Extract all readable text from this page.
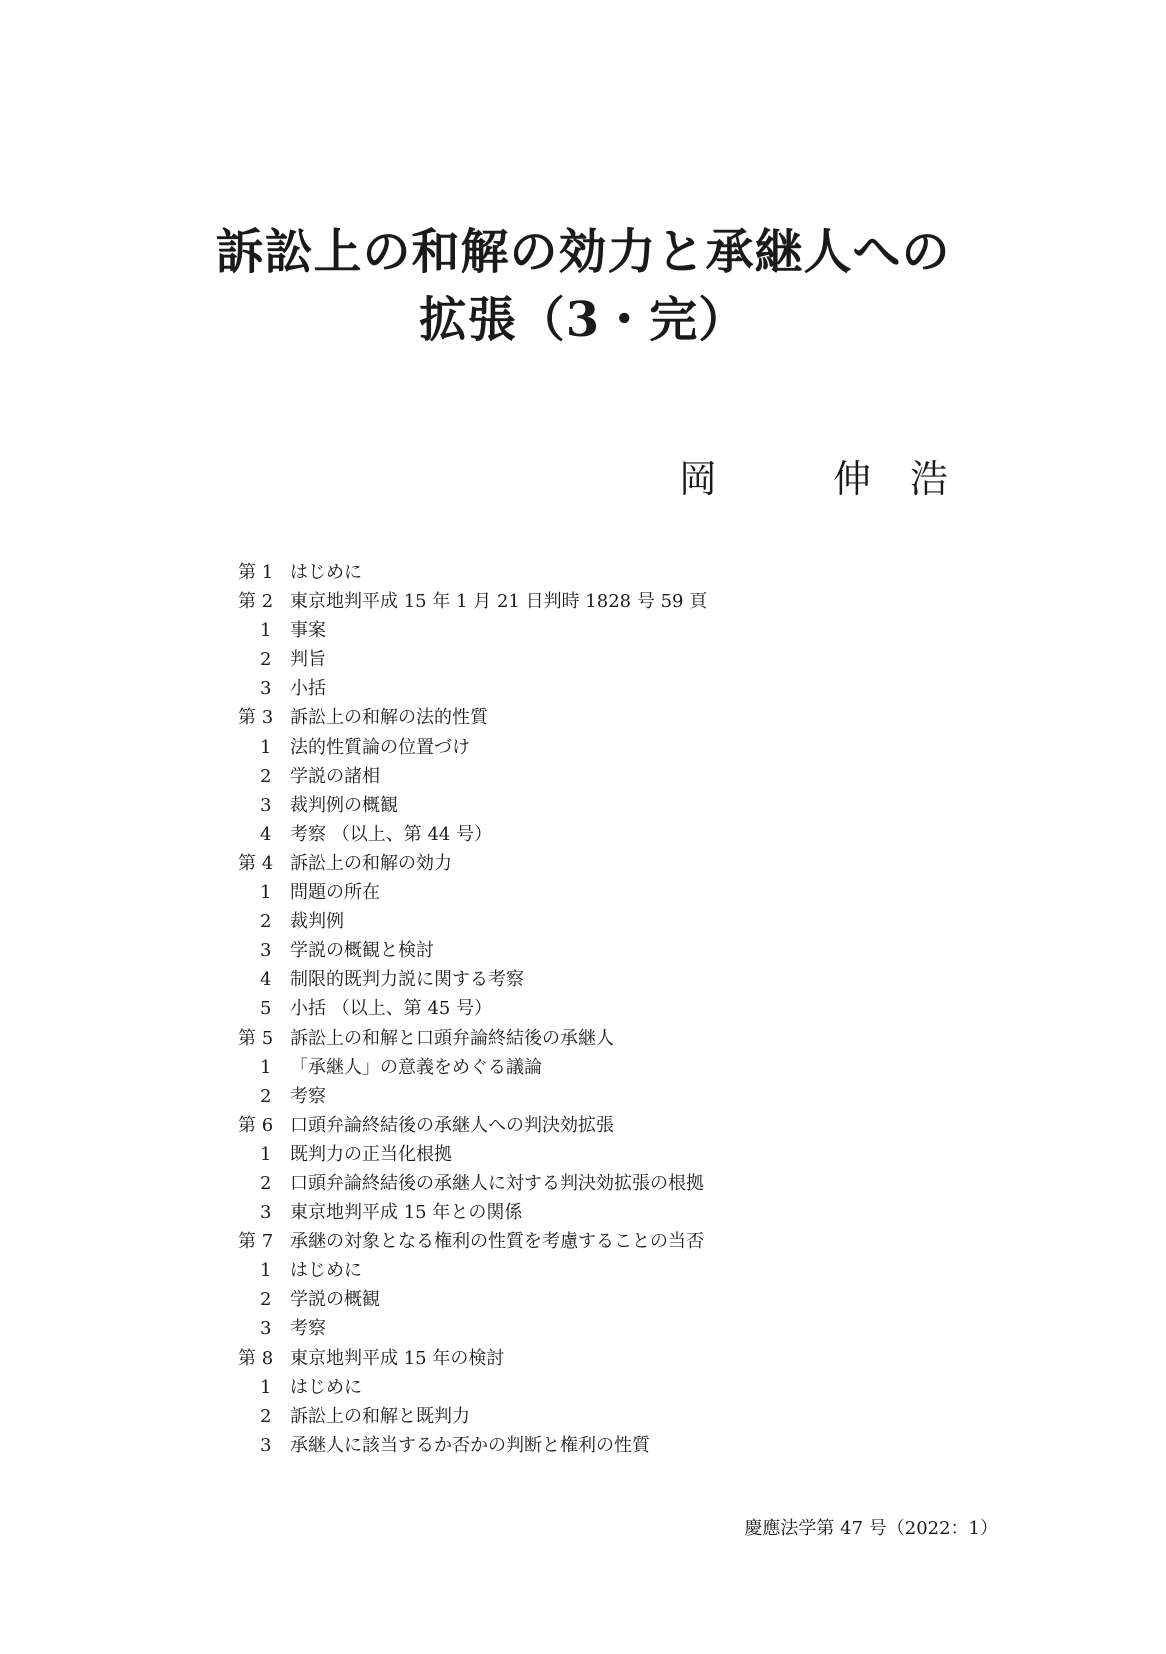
訴訟上の和解の効力と承継人への
拡張（3・完）
岡	伸 浩
第 1 はじめに
第 2 東京地判平成 15 年 1 月 21 日判時 1828 号 59 頁
1 事案
2 判旨
3 小括
第 3 訴訟上の和解の法的性質
1 法的性質論の位置づけ
2 学説の諸相
3 裁判例の概観
4 考察 （以上、第 44 号）
第 4 訴訟上の和解の効力
1 問題の所在
2 裁判例
3 学説の概観と検討
4 制限的既判力説に関する考察
5 小括 （以上、第 45 号）
第 5 訴訟上の和解と口頭弁論終結後の承継人
1 「承継人」の意義をめぐる議論
2 考察
第 6 口頭弁論終結後の承継人への判決効拡張
1 既判力の正当化根拠
2 口頭弁論終結後の承継人に対する判決効拡張の根拠
3 東京地判平成 15 年との関係
第 7 承継の対象となる権利の性質を考慮することの当否
1 はじめに
2 学説の概観
3 考察
第 8 東京地判平成 15 年の検討
1 はじめに
2 訴訟上の和解と既判力
3 承継人に該当するか否かの判断と権利の性質
慶應法学第 47 号（2022：1）
